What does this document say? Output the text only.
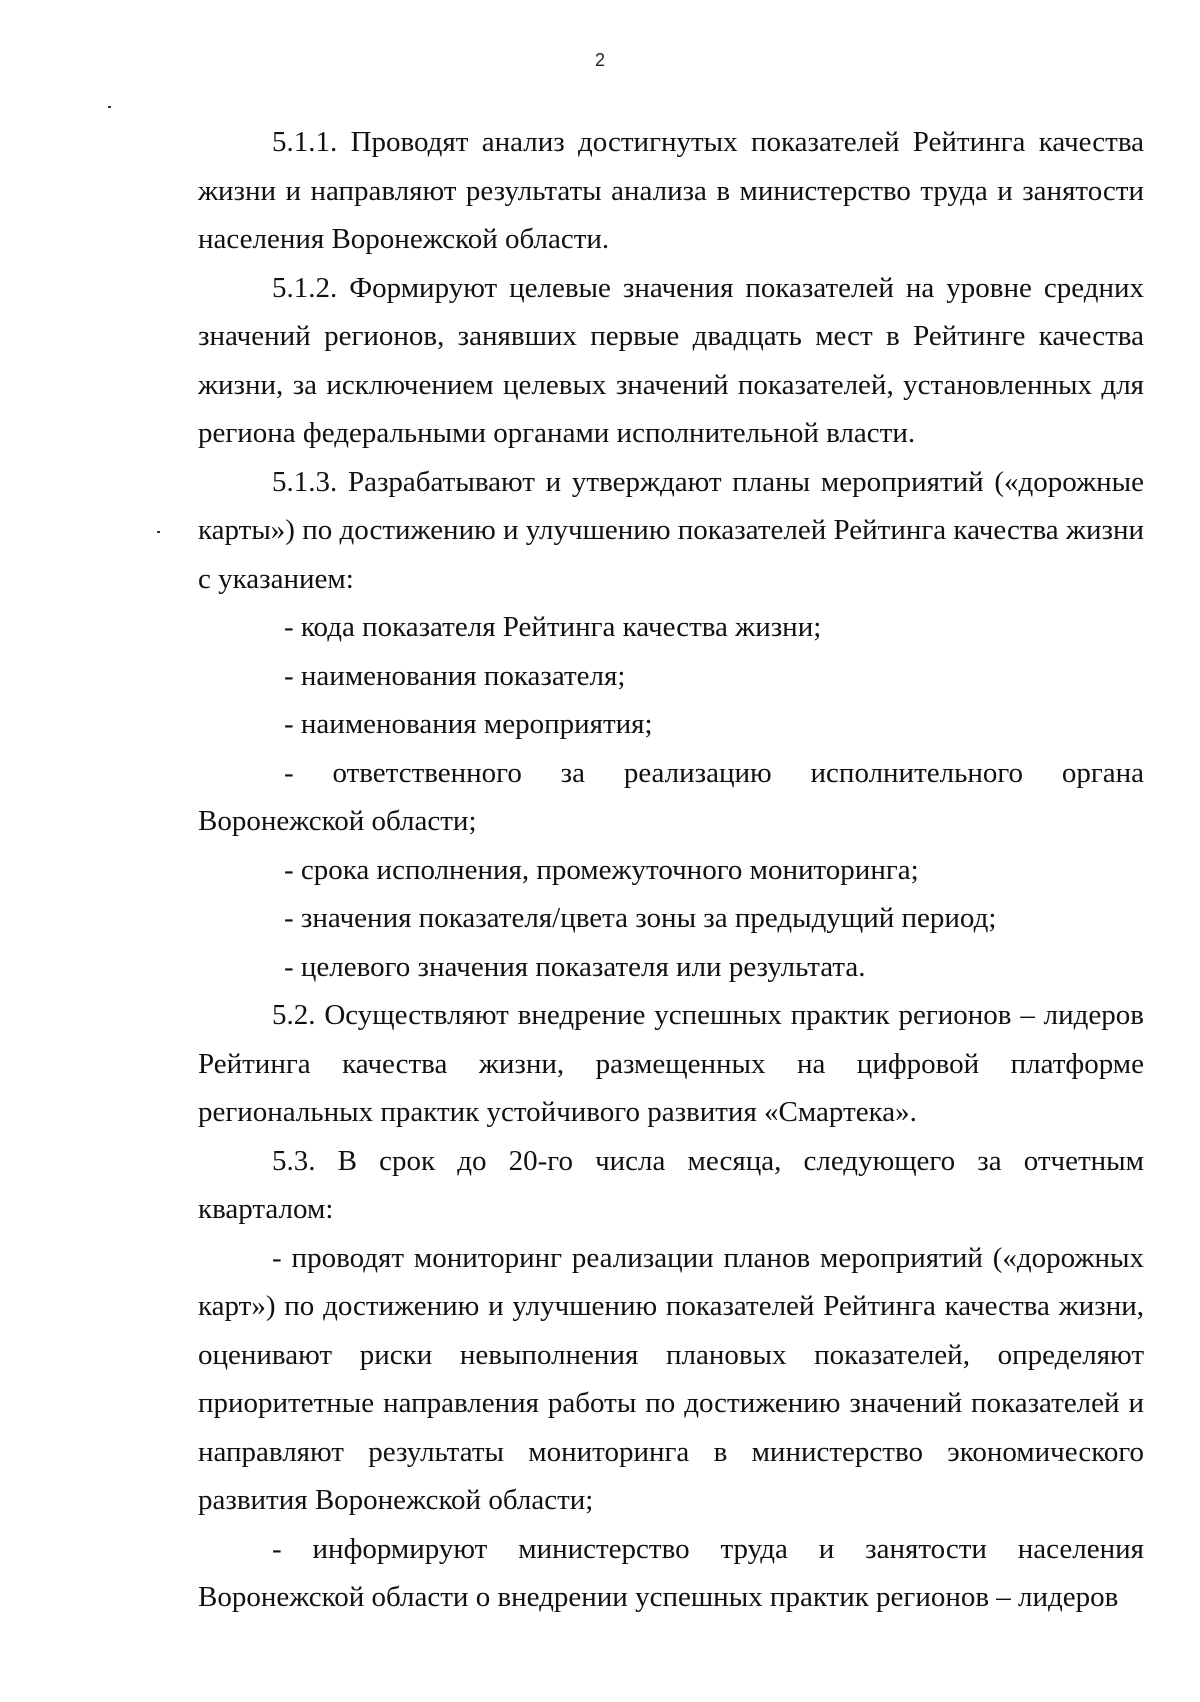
2

5.1.1. Проводят анализ достигнутых показателей Рейтинга качества жизни и направляют результаты анализа в министерство труда и занятости населения Воронежской области.

5.1.2. Формируют целевые значения показателей на уровне средних значений регионов, занявших первые двадцать мест в Рейтинге качества жизни, за исключением целевых значений показателей, установленных для региона федеральными органами исполнительной власти.

5.1.3. Разрабатывают и утверждают планы мероприятий («дорожные карты») по достижению и улучшению показателей Рейтинга качества жизни с указанием:

- кода показателя Рейтинга качества жизни;

- наименования показателя;

- наименования мероприятия;

- ответственного за реализацию исполнительного органа Воронежской области;

- срока исполнения, промежуточного мониторинга;

- значения показателя/цвета зоны за предыдущий период;

- целевого значения показателя или результата.

5.2. Осуществляют внедрение успешных практик регионов – лидеров Рейтинга качества жизни, размещенных на цифровой платформе региональных практик устойчивого развития «Смартека».

5.3. В срок до 20-го числа месяца, следующего за отчетным кварталом:

- проводят мониторинг реализации планов мероприятий («дорожных карт») по достижению и улучшению показателей Рейтинга качества жизни, оценивают риски невыполнения плановых показателей, определяют приоритетные направления работы по достижению значений показателей и направляют результаты мониторинга в министерство экономического развития Воронежской области;

- информируют министерство труда и занятости населения Воронежской области о внедрении успешных практик регионов – лидеров
